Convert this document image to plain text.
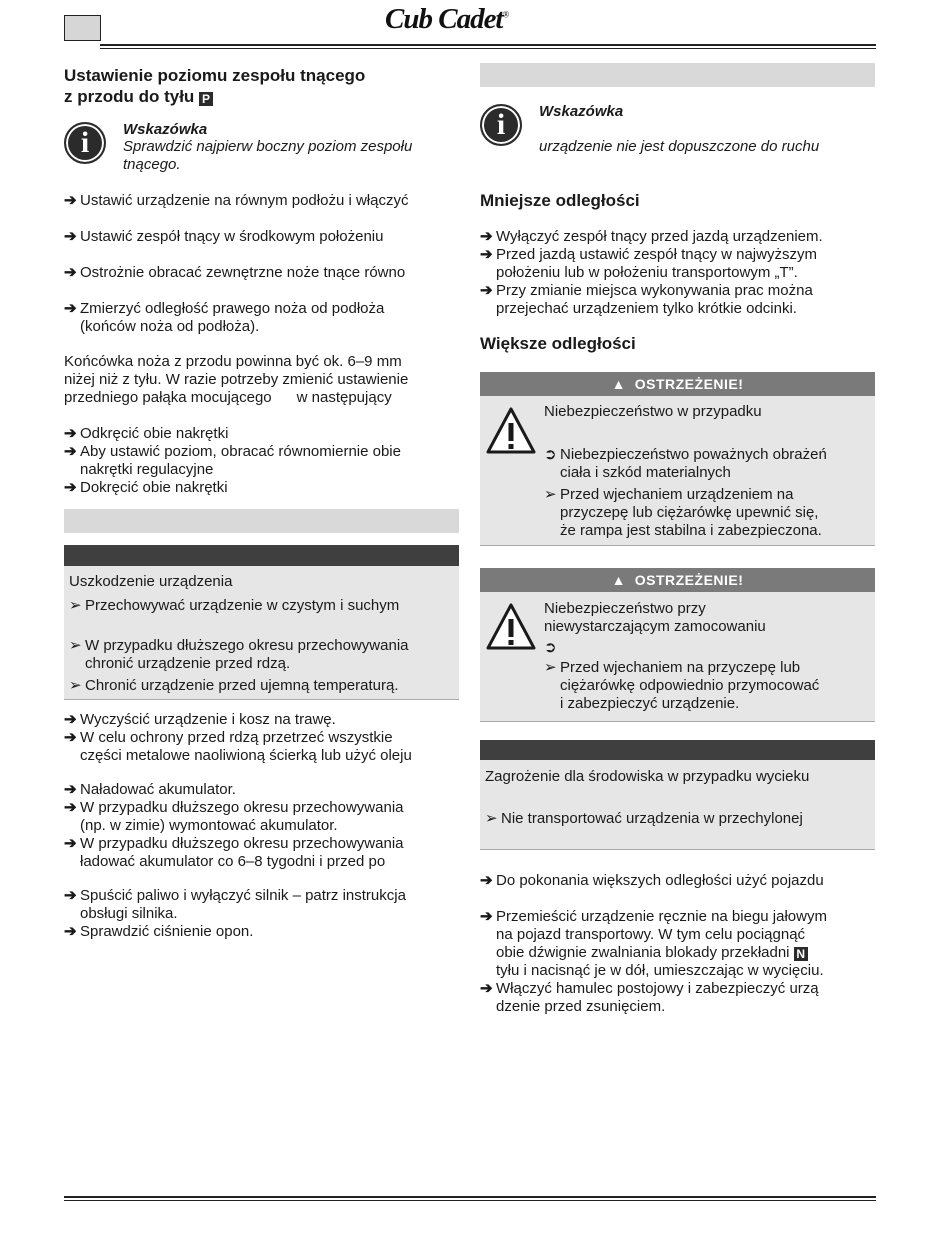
Cub Cadet®
Ustawienie poziomu zespołu tnącego
z przodu do tyłu P
i	Wskazówka
Sprawdzić najpierw boczny poziom zespołu
tnącego.
➔ Ustawić urządzenie na równym podłożu i włączyć
➔ Ustawić zespół tnący w środkowym położeniu
➔ Ostrożnie obracać zewnętrzne noże tnące równo
➔ Zmierzyć odległość prawego noża od podłoża
(końców noża od podłoża).
Końcówka noża z przodu powinna być ok. 6–9 mm
niżej niż z tyłu. W razie potrzeby zmienić ustawienie
przedniego pałąka mocującego      w następujący
➔ Odkręcić obie nakrętki
➔ Aby ustawić poziom, obracać równomiernie obie
nakrętki regulacyjne
➔ Dokręcić obie nakrętki
Uszkodzenie urządzenia
➢ Przechowywać urządzenie w czystym i suchym
➢ W przypadku dłuższego okresu przechowywania
chronić urządzenie przed rdzą.
➢ Chronić urządzenie przed ujemną temperaturą.
➔ Wyczyścić urządzenie i kosz na trawę.
➔ W celu ochrony przed rdzą przetrzeć wszystkie
części metalowe naoliwioną ścierką lub użyć oleju
➔ Naładować akumulator.
➔ W przypadku dłuższego okresu przechowywania
(np. w zimie) wymontować akumulator.
➔ W przypadku dłuższego okresu przechowywania
ładować akumulator co 6–8 tygodni i przed po
➔ Spuścić paliwo i wyłączyć silnik – patrz instrukcja
obsługi silnika.
➔ Sprawdzić ciśnienie opon.
i	Wskazówka
urządzenie nie jest dopuszczone do ruchu
Mniejsze odległości
➔ Wyłączyć zespół tnący przed jazdą urządzeniem.
➔ Przed jazdą ustawić zespół tnący w najwyższym
położeniu lub w położeniu transportowym „T”.
➔ Przy zmianie miejsca wykonywania prac można
przejechać urządzeniem tylko krótkie odcinki.
Większe odległości
▲ OSTRZEŻENIE!
Niebezpieczeństwo w przypadku
➲ Niebezpieczeństwo poważnych obrażeń
ciała i szkód materialnych
➢ Przed wjechaniem urządzeniem na
przyczepę lub ciężarówkę upewnić się,
że rampa jest stabilna i zabezpieczona.
▲ OSTRZEŻENIE!
Niebezpieczeństwo przy
niewystarczającym zamocowaniu
➲
➢ Przed wjechaniem na przyczepę lub
ciężarówkę odpowiednio przymocować
i zabezpieczyć urządzenie.
Zagrożenie dla środowiska w przypadku wycieku
➢ Nie transportować urządzenia w przechylonej
➔ Do pokonania większych odległości użyć pojazdu
➔ Przemieścić urządzenie ręcznie na biegu jałowym
na pojazd transportowy. W tym celu pociągnąć
obie dźwignie zwalniania blokady przekładni N
tyłu i nacisnąć je w dół, umieszczając w wycięciu.
➔ Włączyć hamulec postojowy i zabezpieczyć urzą
dzenie przed zsunięciem.
